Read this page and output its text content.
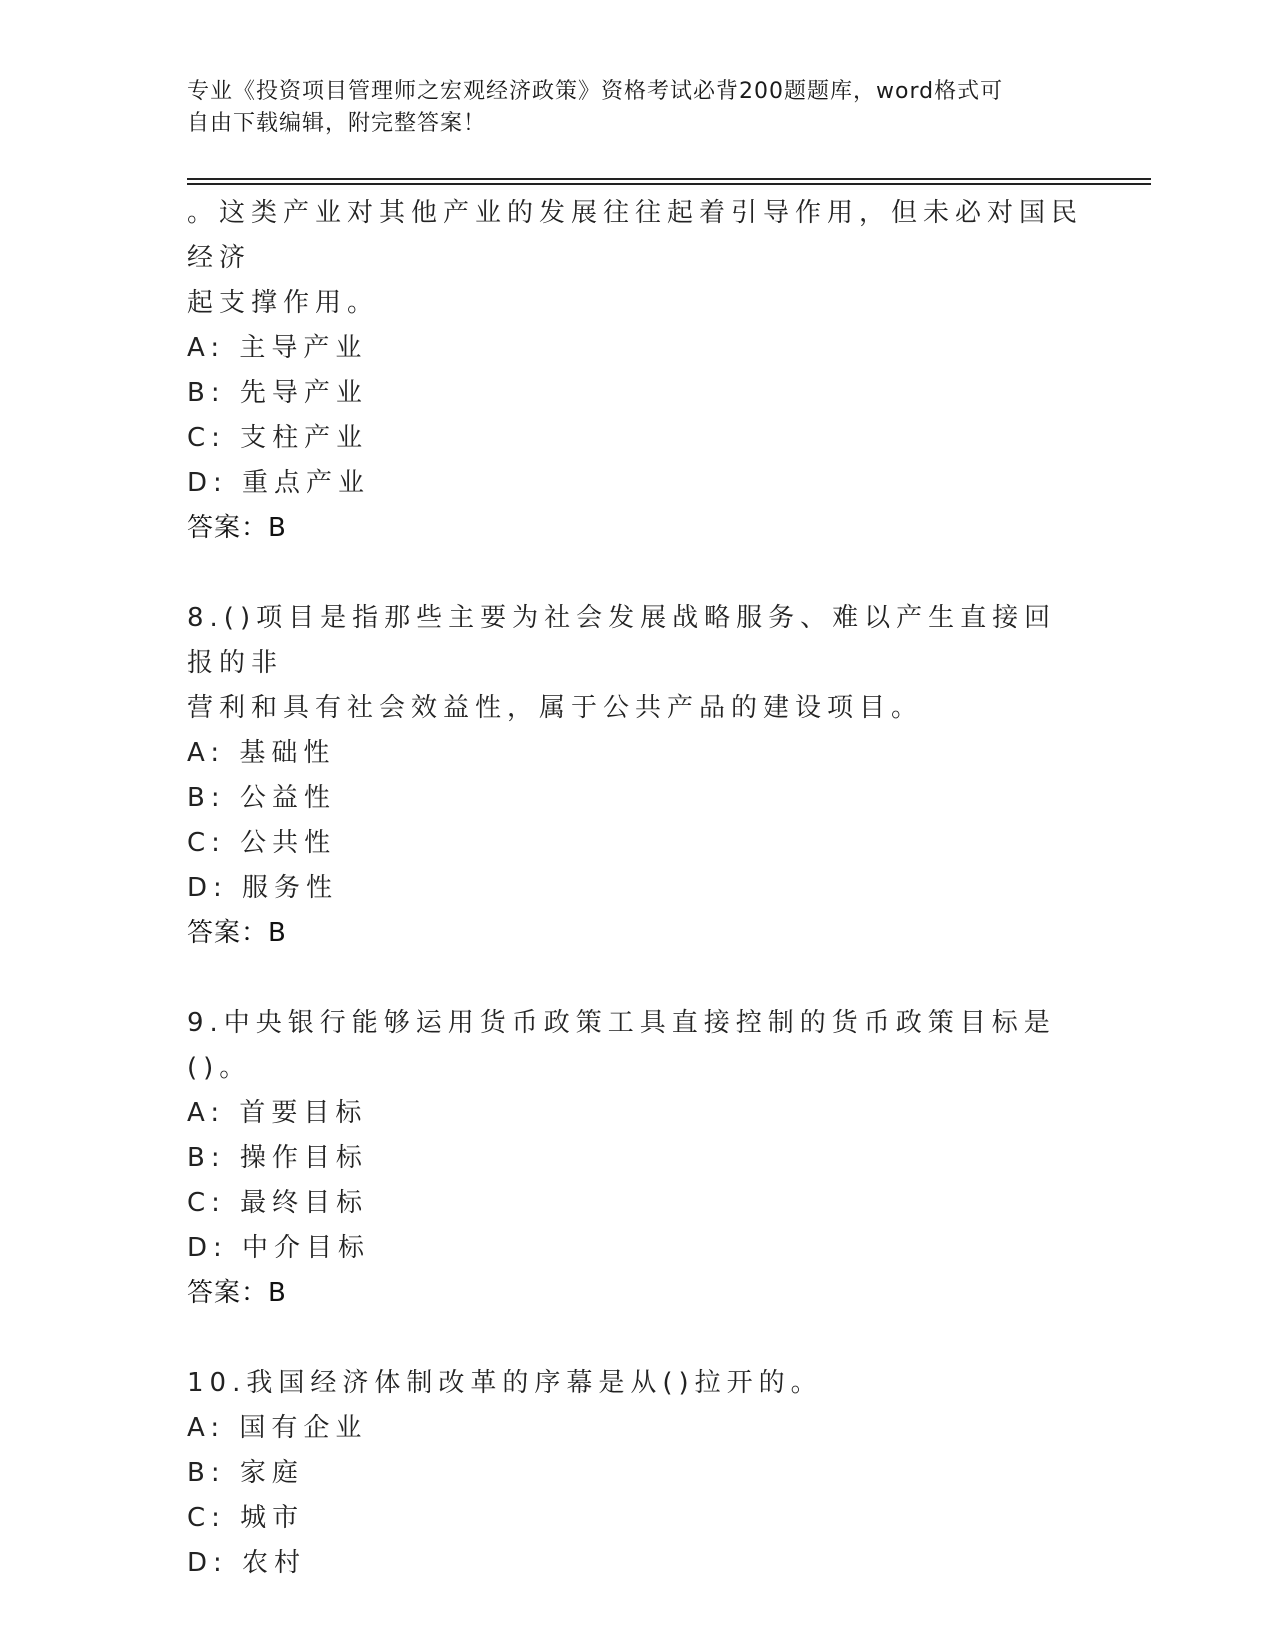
专业《投资项目管理师之宏观经济政策》资格考试必背200题题库，word格式可
自由下载编辑，附完整答案！

。这类产业对其他产业的发展往往起着引导作用，但未必对国民经济

起支撑作用。

A: 主导产业

B: 先导产业

C: 支柱产业

D: 重点产业

答案：B

8.()项目是指那些主要为社会发展战略服务、难以产生直接回报的非

营利和具有社会效益性，属于公共产品的建设项目。

A: 基础性

B: 公益性

C: 公共性

D: 服务性

答案：B

9.中央银行能够运用货币政策工具直接控制的货币政策目标是()。

A: 首要目标

B: 操作目标

C: 最终目标

D: 中介目标

答案：B

10.我国经济体制改革的序幕是从()拉开的。

A: 国有企业

B: 家庭

C: 城市

D: 农村
